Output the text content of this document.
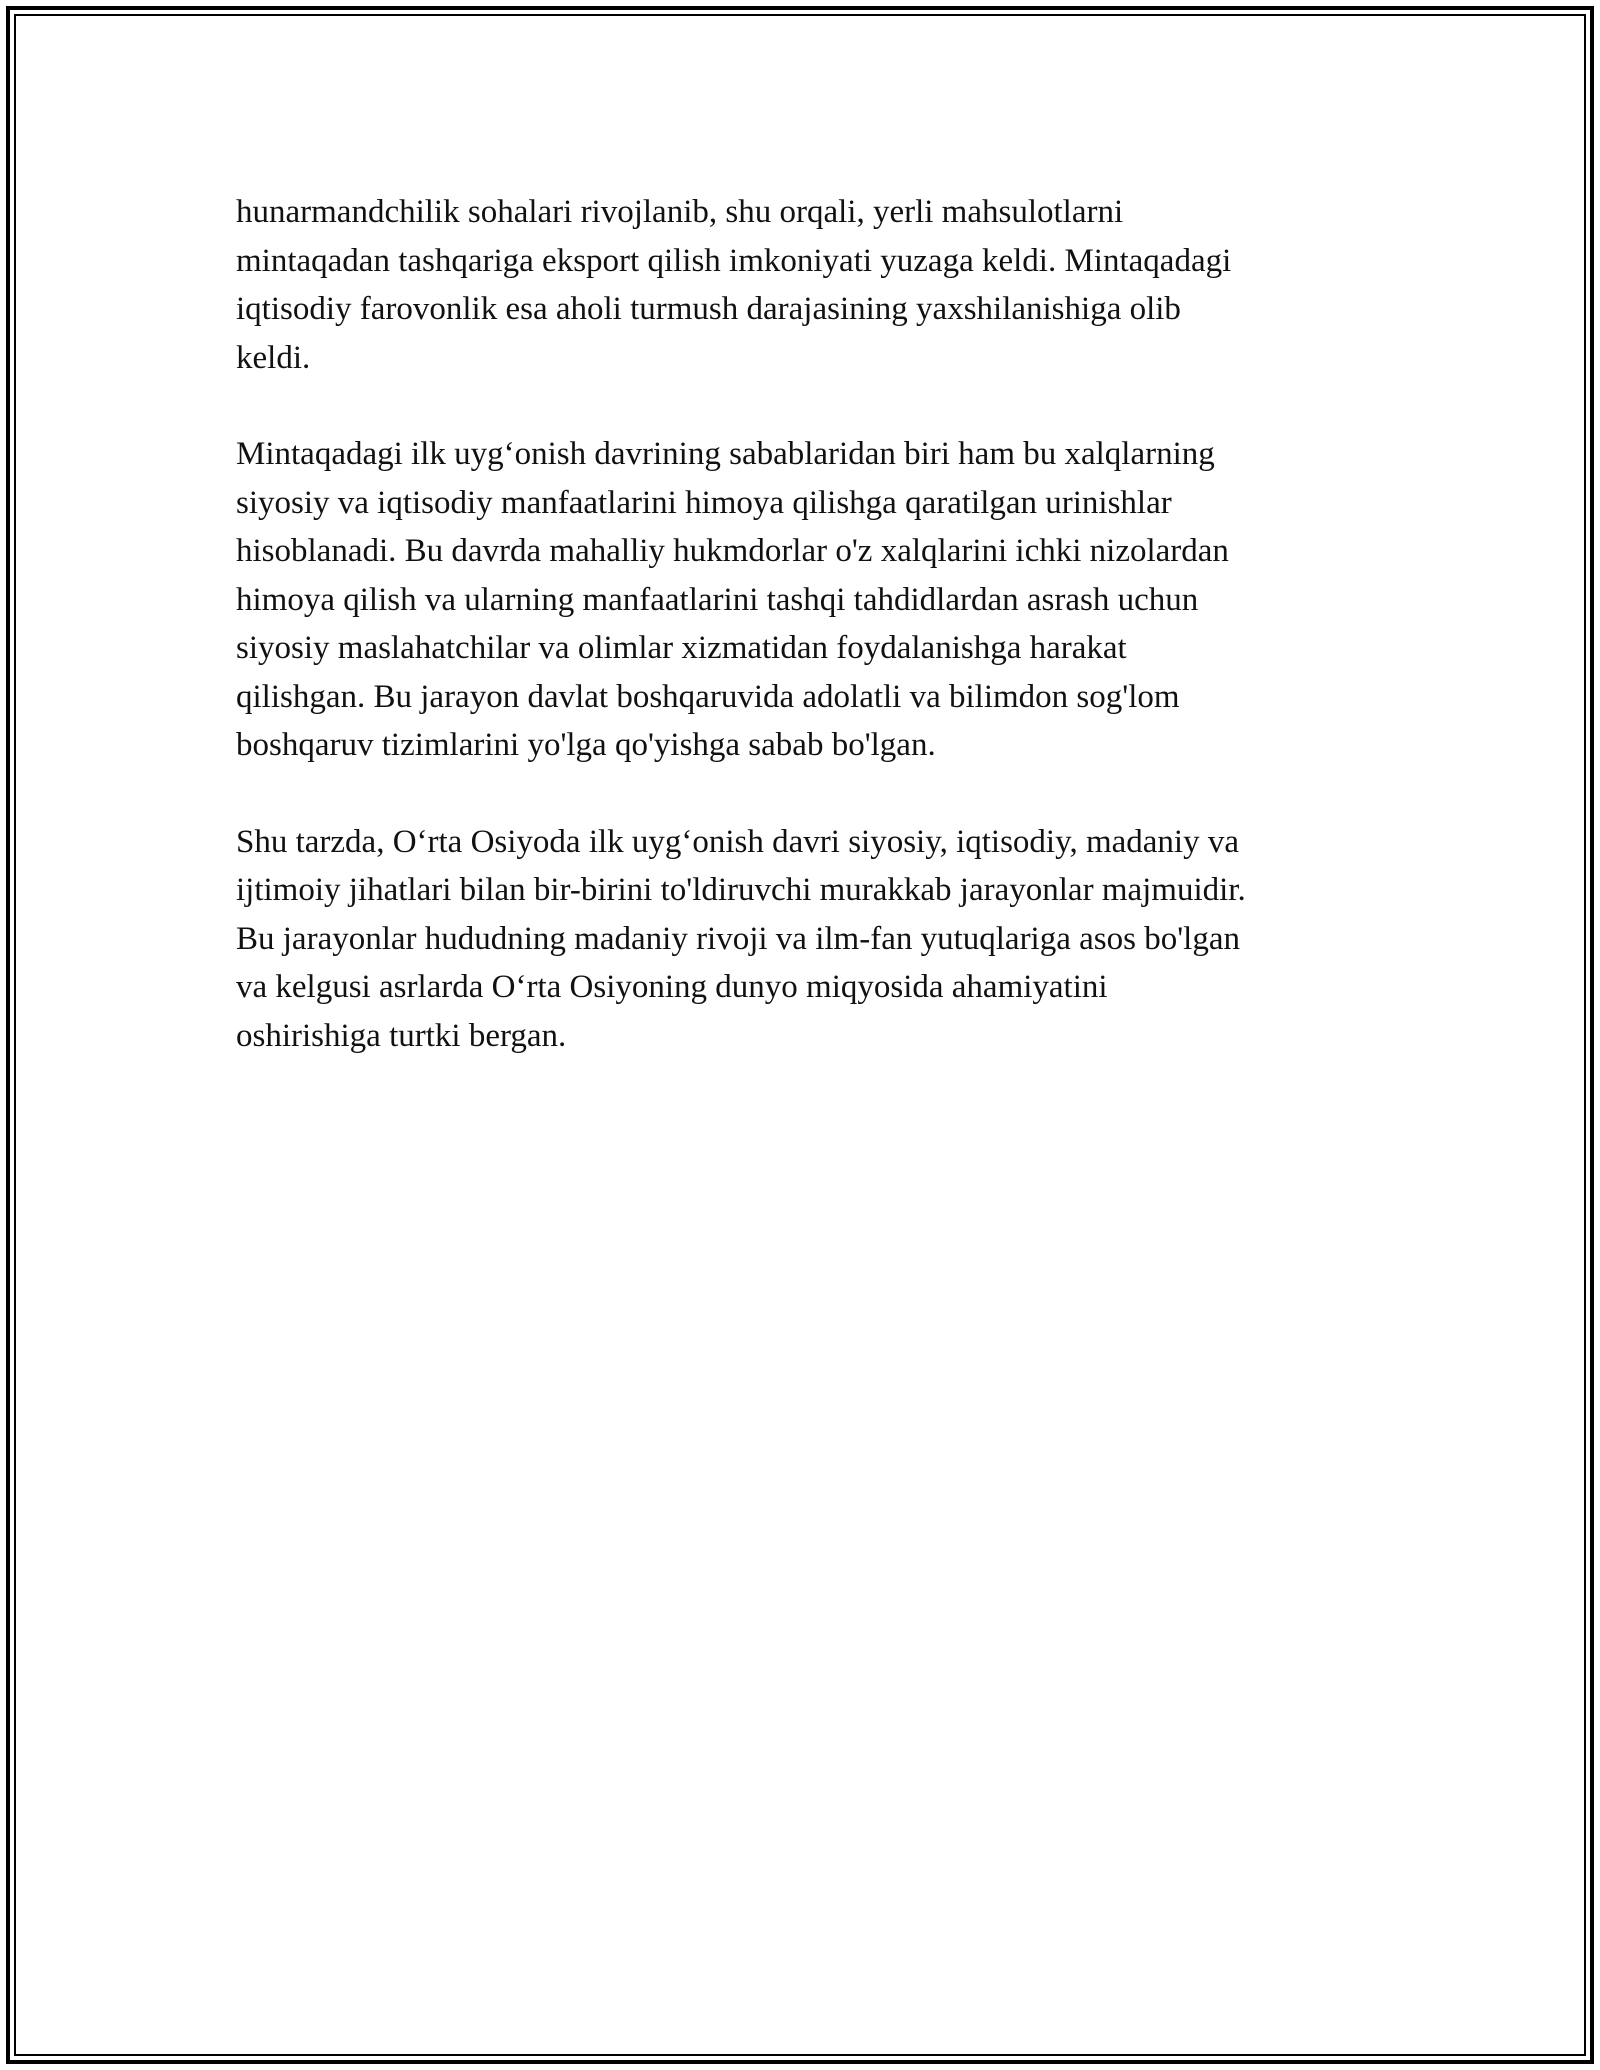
hunarmandchilik sohalari rivojlanib, shu orqali, yerli mahsulotlarni
mintaqadan tashqariga eksport qilish imkoniyati yuzaga keldi. Mintaqadagi
iqtisodiy farovonlik esa aholi turmush darajasining yaxshilanishiga olib
keldi.

Mintaqadagi ilk uyg‘onish davrining sabablaridan biri ham bu xalqlarning
siyosiy va iqtisodiy manfaatlarini himoya qilishga qaratilgan urinishlar
hisoblanadi. Bu davrda mahalliy hukmdorlar o'z xalqlarini ichki nizolardan
himoya qilish va ularning manfaatlarini tashqi tahdidlardan asrash uchun
siyosiy maslahatchilar va olimlar xizmatidan foydalanishga harakat
qilishgan. Bu jarayon davlat boshqaruvida adolatli va bilimdon sog'lom
boshqaruv tizimlarini yo'lga qo'yishga sabab bo'lgan.

Shu tarzda, O‘rta Osiyoda ilk uyg‘onish davri siyosiy, iqtisodiy, madaniy va
ijtimoiy jihatlari bilan bir-birini to'ldiruvchi murakkab jarayonlar majmuidir.
Bu jarayonlar hududning madaniy rivoji va ilm-fan yutuqlariga asos bo'lgan
va kelgusi asrlarda O‘rta Osiyoning dunyo miqyosida ahamiyatini
oshirishiga turtki bergan.
